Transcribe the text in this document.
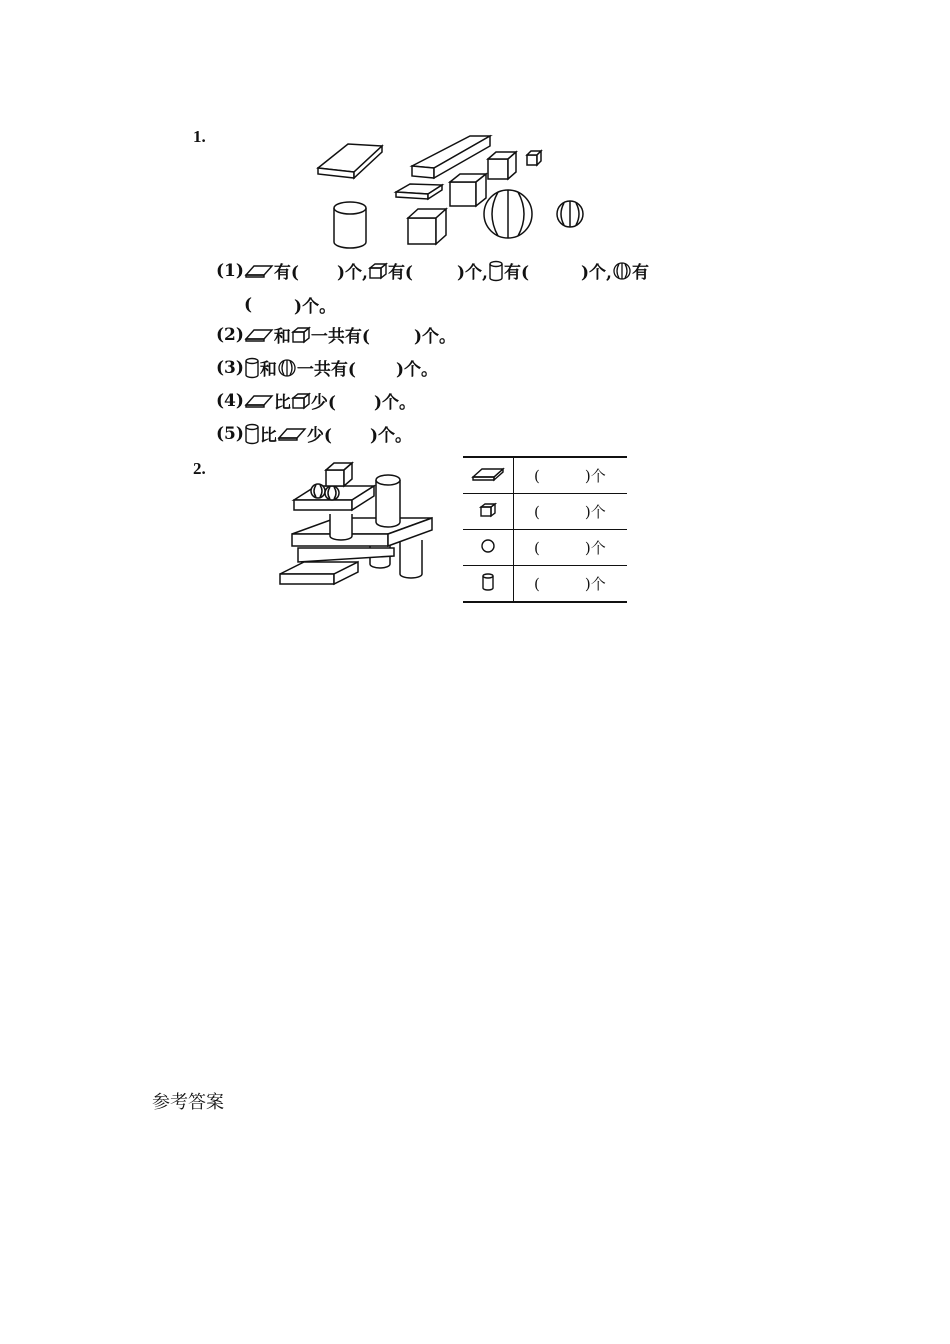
1.
(1) 有( )个, 有(	)个, 有(	)个, 有
( )个。
(2) 和 一共有(	)个。
(3) 和 一共有( )个。
(4) 比 少( )个。
(5) 比 少( )个。
2.
		( )个
	( )个
	( )个
	( )个
参考答案
